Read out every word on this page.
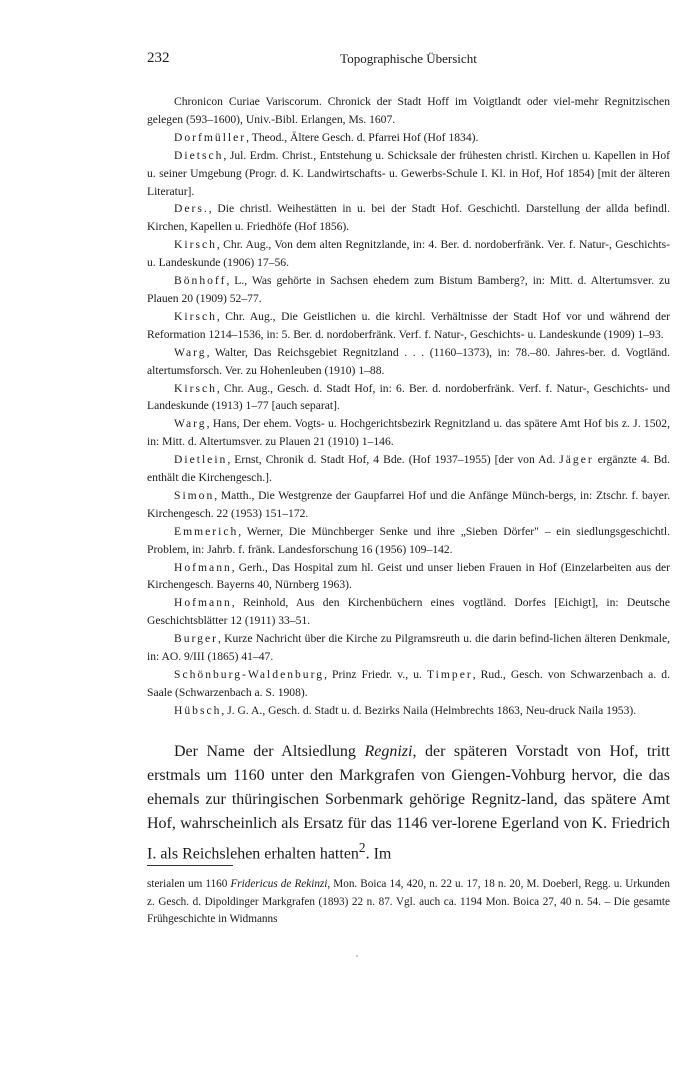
232	Topographische Übersicht
Chronicon Curiae Variscorum. Chronick der Stadt Hoff im Voigtlandt oder viel-mehr Regnitzischen gelegen (593–1600), Univ.-Bibl. Erlangen, Ms. 1607.
Dorfmüller, Theod., Ältere Gesch. d. Pfarrei Hof (Hof 1834).
Dietsch, Jul. Erdm. Christ., Entstehung u. Schicksale der frühesten christl. Kirchen u. Kapellen in Hof u. seiner Umgebung (Progr. d. K. Landwirtschafts- u. Gewerbs-Schule I. Kl. in Hof, Hof 1854) [mit der älteren Literatur].
Ders., Die christl. Weihestätten in u. bei der Stadt Hof. Geschichtl. Darstellung der allda befindl. Kirchen, Kapellen u. Friedhöfe (Hof 1856).
Kirsch, Chr. Aug., Von dem alten Regnitzlande, in: 4. Ber. d. nordoberfränk. Ver. f. Natur-, Geschichts- u. Landeskunde (1906) 17–56.
Bönhoff, L., Was gehörte in Sachsen ehedem zum Bistum Bamberg?, in: Mitt. d. Altertumsver. zu Plauen 20 (1909) 52–77.
Kirsch, Chr. Aug., Die Geistlichen u. die kirchl. Verhältnisse der Stadt Hof vor und während der Reformation 1214–1536, in: 5. Ber. d. nordoberfränk. Verf. f. Natur-, Geschichts- u. Landeskunde (1909) 1–93.
Warg, Walter, Das Reichsgebiet Regnitzland . . . (1160–1373), in: 78.–80. Jahres-ber. d. Vogtländ. altertumsforsch. Ver. zu Hohenleuben (1910) 1–88.
Kirsch, Chr. Aug., Gesch. d. Stadt Hof, in: 6. Ber. d. nordoberfränk. Verf. f. Natur-, Geschichts- und Landeskunde (1913) 1–77 [auch separat].
Warg, Hans, Der ehem. Vogts- u. Hochgerichtsbezirk Regnitzland u. das spätere Amt Hof bis z. J. 1502, in: Mitt. d. Altertumsver. zu Plauen 21 (1910) 1–146.
Dietlein, Ernst, Chronik d. Stadt Hof, 4 Bde. (Hof 1937–1955) [der von Ad. Jäger ergänzte 4. Bd. enthält die Kirchengesch.].
Simon, Matth., Die Westgrenze der Gaupfarrei Hof und die Anfänge Münch-bergs, in: Ztschr. f. bayer. Kirchengesch. 22 (1953) 151–172.
Emmerich, Werner, Die Münchberger Senke und ihre „Sieben Dörfer" – ein siedlungsgeschichtl. Problem, in: Jahrb. f. fränk. Landesforschung 16 (1956) 109–142.
Hofmann, Gerh., Das Hospital zum hl. Geist und unser lieben Frauen in Hof (Einzelarbeiten aus der Kirchengesch. Bayerns 40, Nürnberg 1963).
Hofmann, Reinhold, Aus den Kirchenbüchern eines vogtländ. Dorfes [Eichigt], in: Deutsche Geschichtsblätter 12 (1911) 33–51.
Burger, Kurze Nachricht über die Kirche zu Pilgramsreuth u. die darin befind-lichen älteren Denkmale, in: AO. 9/III (1865) 41–47.
Schönburg-Waldenburg, Prinz Friedr. v., u. Timper, Rud., Gesch. von Schwarzenbach a. d. Saale (Schwarzenbach a. S. 1908).
Hübsch, J. G. A., Gesch. d. Stadt u. d. Bezirks Naila (Helmbrechts 1863, Neu-druck Naila 1953).

Der Name der Altsiedlung Regnizi, der späteren Vorstadt von Hof, tritt erstmals um 1160 unter den Markgrafen von Giengen-Vohburg hervor, die das ehemals zur thüringischen Sorbenmark gehörige Regnitz-land, das spätere Amt Hof, wahrscheinlich als Ersatz für das 1146 ver-lorene Egerland von K. Friedrich I. als Reichslehen erhalten hatten$^2$. Im

sterialen um 1160 Fridericus de Rekinzi, Mon. Boica 14, 420, n. 22 u. 17, 18 n. 20, M. Doeberl, Regg. u. Urkunden z. Gesch. d. Dipoldinger Markgrafen (1893) 22 n. 87. Vgl. auch ca. 1194 Mon. Boica 27, 40 n. 54. – Die gesamte Frühgeschichte in Widmanns
